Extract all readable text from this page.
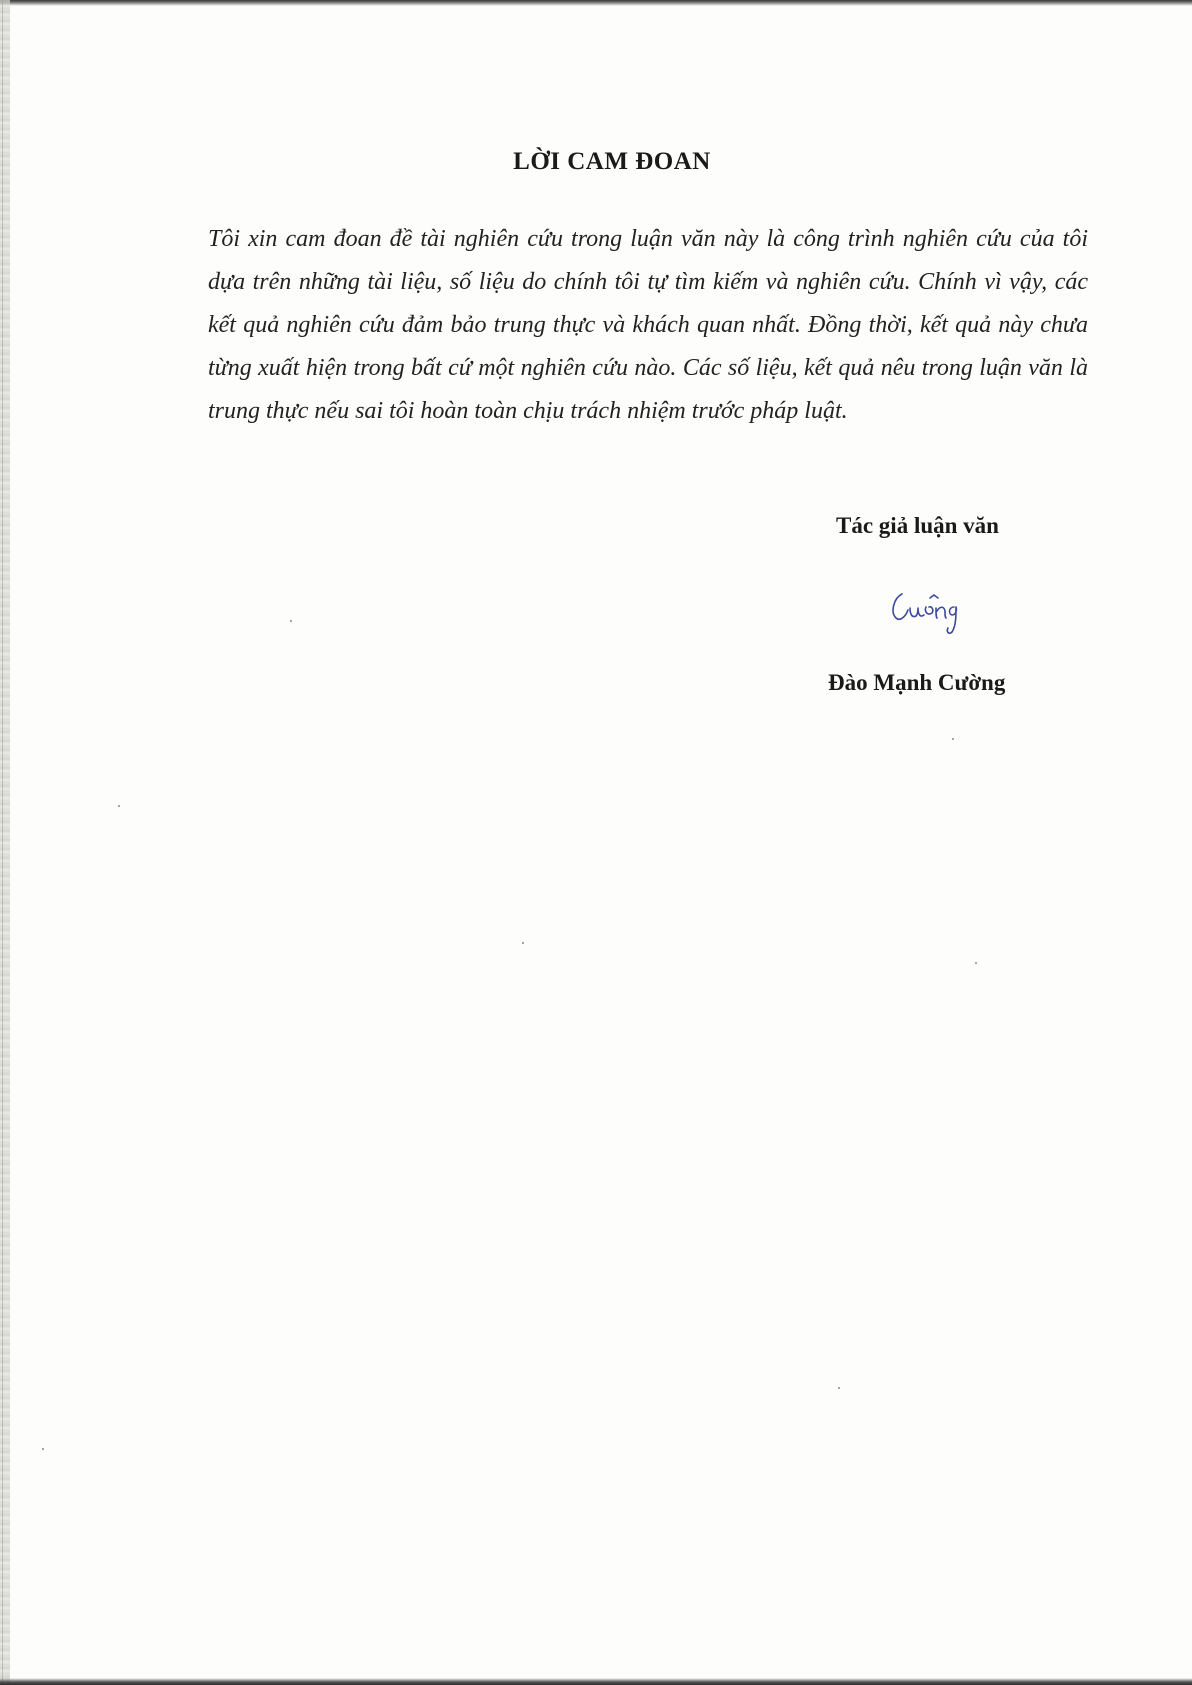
LỜI CAM ĐOAN
Tôi xin cam đoan đề tài nghiên cứu trong luận văn này là công trình nghiên cứu của tôi dựa trên những tài liệu, số liệu do chính tôi tự tìm kiếm và nghiên cứu. Chính vì vậy, các kết quả nghiên cứu đảm bảo trung thực và khách quan nhất. Đồng thời, kết quả này chưa từng xuất hiện trong bất cứ một nghiên cứu nào. Các số liệu, kết quả nêu trong luận văn là trung thực nếu sai tôi hoàn toàn chịu trách nhiệm trước pháp luật.
Tác giả luận văn
Đào Mạnh Cường
